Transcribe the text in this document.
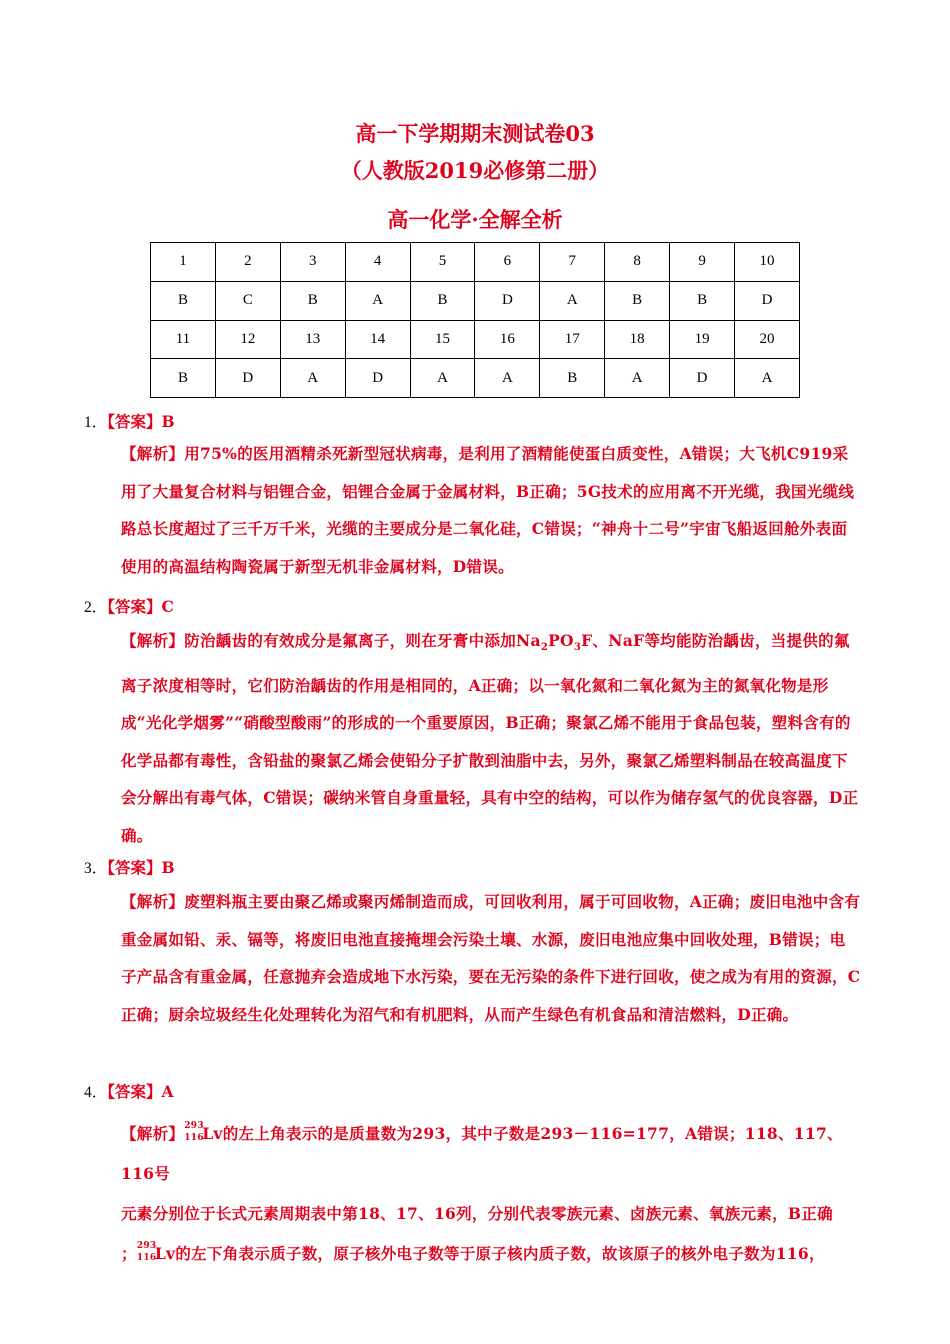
高一下学期期末测试卷03
（人教版2019必修第二册）
高一化学·全解全析
1	2	3	4	5	6	7	8	9	10
B	C	B	A	B	D	A	B	B	D
11	12	13	14	15	16	17	18	19	20
B	D	A	D	A	A	B	A	D	A
1．【答案】B
【解析】用75%的医用酒精杀死新型冠状病毒，是利用了酒精能使蛋白质变性，A错误；大飞机C919采用了大量复合材料与铝锂合金，铝锂合金属于金属材料，B正确；5G技术的应用离不开光缆，我国光缆线路总长度超过了三千万千米，光缆的主要成分是二氧化硅，C错误；“神舟十二号”宇宙飞船返回舱外表面使用的高温结构陶瓷属于新型无机非金属材料，D错误。
2．【答案】C
【解析】防治龋齿的有效成分是氟离子，则在牙膏中添加$Na_2PO_3F$、NaF等均能防治龋齿，当提供的氟离子浓度相等时，它们防治龋齿的作用是相同的，A正确；以一氧化氮和二氧化氮为主的氮氧化物是形成“光化学烟雾”“硝酸型酸雨”的形成的一个重要原因，B正确；聚氯乙烯不能用于食品包装，塑料含有的化学品都有毒性，含铅盐的聚氯乙烯会使铅分子扩散到油脂中去，另外，聚氯乙烯塑料制品在较高温度下会分解出有毒气体，C错误；碳纳米管自身重量轻，具有中空的结构，可以作为储存氢气的优良容器，D正确。
3．【答案】B
【解析】废塑料瓶主要由聚乙烯或聚丙烯制造而成，可回收利用，属于可回收物，A正确；废旧电池中含有重金属如铅、汞、镉等，将废旧电池直接掩埋会污染土壤、水源，废旧电池应集中回收处理，B错误；电子产品含有重金属，任意抛弃会造成地下水污染，要在无污染的条件下进行回收，使之成为有用的资源，C正确；厨余垃圾经生化处理转化为沼气和有机肥料，从而产生绿色有机食品和清洁燃料，D正确。
4．【答案】A
【解析】 293
116
Lv的左上角表示的是质量数为293，其中子数是293－116=177，A错误；118、117、116号
元素分别位于长式元素周期表中第18、17、16列，分别代表零族元素、卤族元素、氧族元素，B正确
； 293
116
Lv的左下角表示质子数，原子核外电子数等于原子核内质子数，故该原子的核外电子数为116，
